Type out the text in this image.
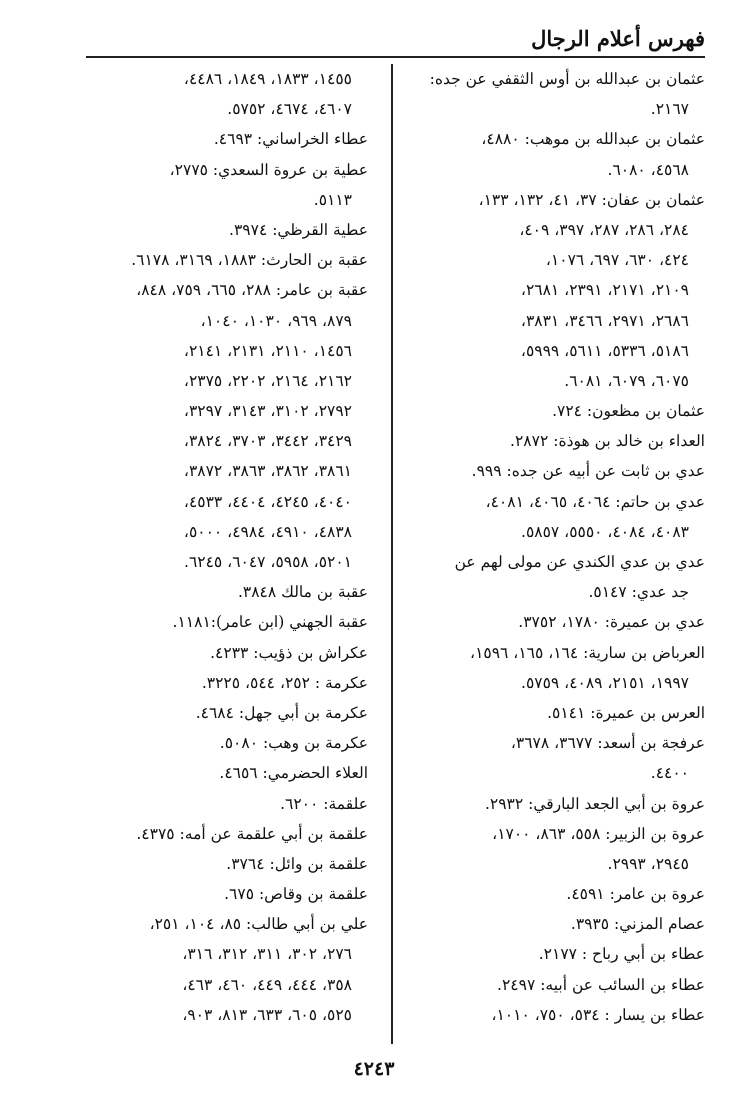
فهرس أعلام الرجال
عثمان بن عبدالله بن أوس الثقفي عن جده:
٢١٦٧.
عثمان بن عبدالله بن موهب: ٤٨٨٠،
٤٥٦٨، ٦٠٨٠.
عثمان بن عفان: ٣٧، ٤١، ١٣٢، ١٣٣،
٢٨٤، ٢٨٦، ٢٨٧، ٣٩٧، ٤٠٩،
٤٢٤، ٦٣٠، ٦٩٧، ١٠٧٦،
٢١٠٩، ٢١٧١، ٢٣٩١، ٢٦٨١،
٢٦٨٦، ٢٩٧١، ٣٤٦٦، ٣٨٣١،
٥١٨٦، ٥٣٣٦، ٥٦١١، ٥٩٩٩،
٦٠٧٥، ٦٠٧٩، ٦٠٨١.
عثمان بن مظعون: ٧٢٤.
العداء بن خالد بن هوذة: ٢٨٧٢.
عدي بن ثابت عن أبيه عن جده: ٩٩٩.
عدي بن حاتم: ٤٠٦٤، ٤٠٦٥، ٤٠٨١،
٤٠٨٣، ٤٠٨٤، ٥٥٥٠، ٥٨٥٧.
عدي بن عدي الكندي عن مولى لهم عن
جد عدي: ٥١٤٧.
عدي بن عميرة: ١٧٨٠، ٣٧٥٢.
العرباض بن سارية: ١٦٤، ١٦٥، ١٥٩٦،
١٩٩٧، ٢١٥١، ٤٠٨٩، ٥٧٥٩.
العرس بن عميرة: ٥١٤١.
عرفجة بن أسعد: ٣٦٧٧، ٣٦٧٨،
٤٤٠٠.
عروة بن أبي الجعد البارقي: ٢٩٣٢.
عروة بن الزبير: ٥٥٨، ٨٦٣، ١٧٠٠،
٢٩٤٥، ٢٩٩٣.
عروة بن عامر: ٤٥٩١.
عصام المزني: ٣٩٣٥.
عطاء بن أبي رباح : ٢١٧٧.
عطاء بن السائب عن أبيه: ٢٤٩٧.
عطاء بن يسار : ٥٣٤، ٧٥٠، ١٠١٠،
١٤٥٥، ١٨٣٣، ١٨٤٩، ٤٤٨٦،
٤٦٠٧، ٤٦٧٤، ٥٧٥٢.
عطاء الخراساني: ٤٦٩٣.
عطية بن عروة السعدي: ٢٧٧٥،
٥١١٣.
عطية القرظي: ٣٩٧٤.
عقبة بن الحارث: ١٨٨٣، ٣١٦٩، ٦١٧٨.
عقبة بن عامر: ٢٨٨، ٦٦٥، ٧٥٩، ٨٤٨،
٨٧٩، ٩٦٩، ١٠٣٠، ١٠٤٠،
١٤٥٦، ٢١١٠، ٢١٣١، ٢١٤١،
٢١٦٢، ٢١٦٤، ٢٢٠٢، ٢٣٧٥،
٢٧٩٢، ٣١٠٢، ٣١٤٣، ٣٢٩٧،
٣٤٢٩، ٣٤٤٢، ٣٧٠٣، ٣٨٢٤،
٣٨٦١، ٣٨٦٢، ٣٨٦٣، ٣٨٧٢،
٤٠٤٠، ٤٢٤٥، ٤٤٠٤، ٤٥٣٣،
٤٨٣٨، ٤٩١٠، ٤٩٨٤، ٥٠٠٠،
٥٢٠١، ٥٩٥٨، ٦٠٤٧، ٦٢٤٥.
عقبة بن مالك ٣٨٤٨.
عقبة الجهني (ابن عامر):١١٨١.
عكراش بن ذؤيب: ٤٢٣٣.
عكرمة : ٢٥٢، ٥٤٤، ٣٢٢٥.
عكرمة بن أبي جهل: ٤٦٨٤.
عكرمة بن وهب: ٥٠٨٠.
العلاء الحضرمي: ٤٦٥٦.
علقمة: ٦٢٠٠.
علقمة بن أبي علقمة عن أمه: ٤٣٧٥.
علقمة بن وائل: ٣٧٦٤.
علقمة بن وقاص: ٦٧٥.
علي بن أبي طالب: ٨٥، ١٠٤، ٢٥١،
٢٧٦، ٣٠٢، ٣١١، ٣١٢، ٣١٦،
٣٥٨، ٤٤٤، ٤٤٩، ٤٦٠، ٤٦٣،
٥٢٥، ٦٠٥، ٦٣٣، ٨١٣، ٩٠٣،
٤٢٤٣
